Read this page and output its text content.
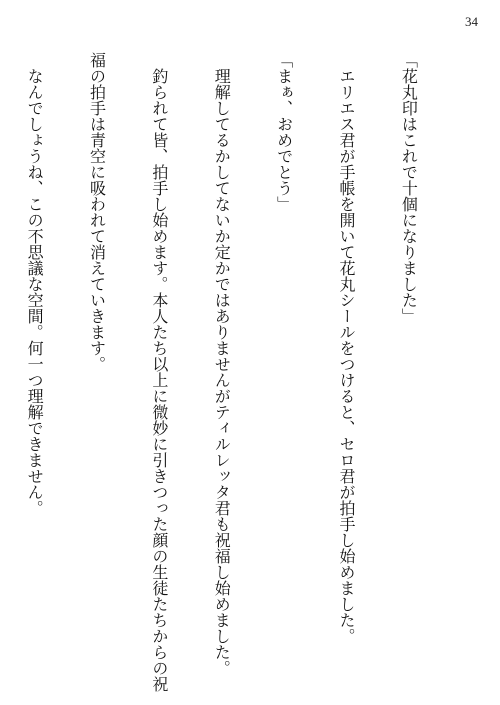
34

「花丸印はこれで十個になりました」

　エリエス君が手帳を開いて花丸シールをつけると、セロ君が拍手し始めました。

「まぁ、おめでとう」

　理解してるかしてないか定かではありませんがティルレッタ君も祝福し始めました。

　釣られて皆、拍手し始めます。本人たち以上に微妙に引きつった顔の生徒たちからの祝

福の拍手は青空に吸われて消えていきます。

　なんでしょうね、この不思議な空間。何一つ理解できません。
